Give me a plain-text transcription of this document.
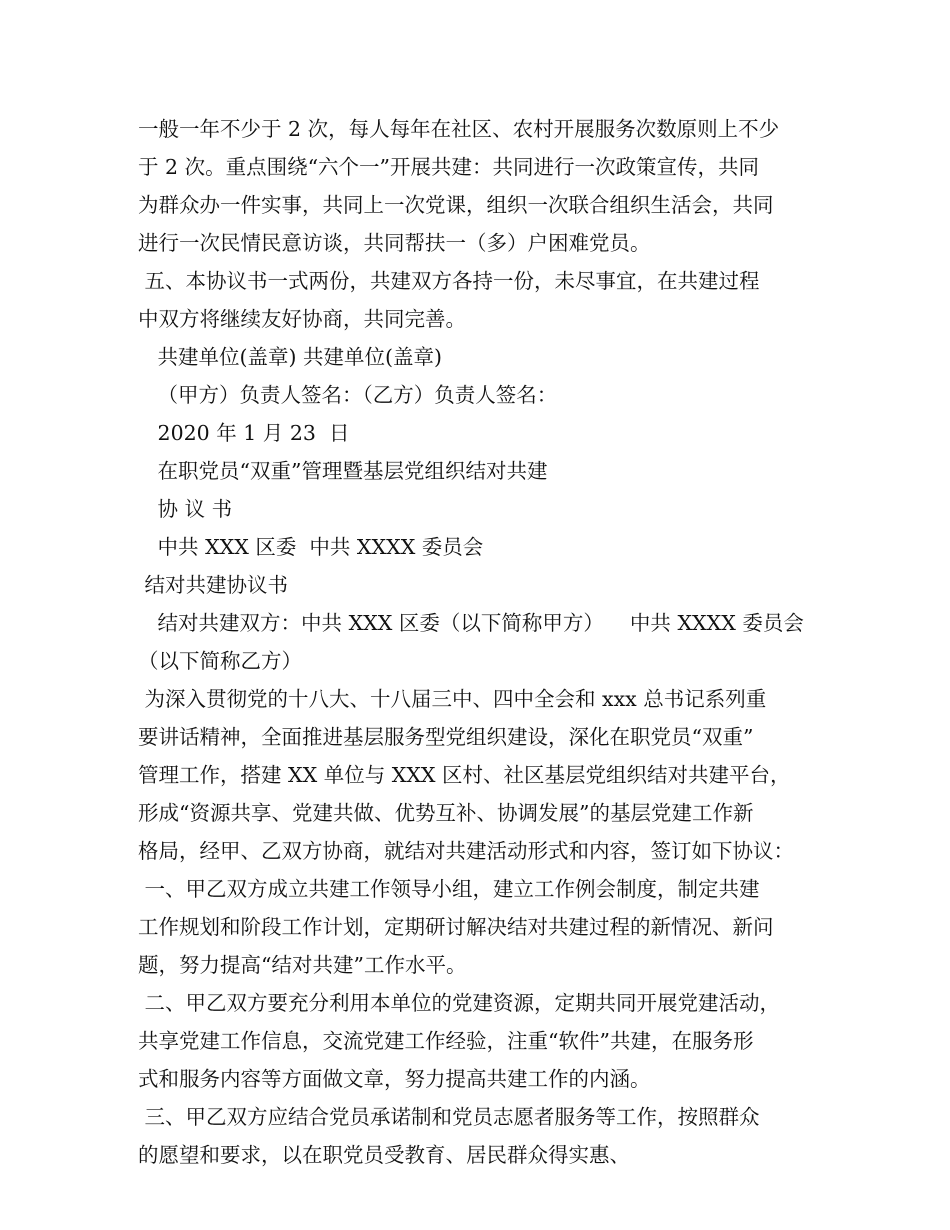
一般一年不少于 2 次，每人每年在社区、农村开展服务次数原则上不少
于 2 次。重点围绕“六个一”开展共建：共同进行一次政策宣传，共同
为群众办一件实事，共同上一次党课，组织一次联合组织生活会，共同
进行一次民情民意访谈，共同帮扶一（多）户困难党员。
五、本协议书一式两份，共建双方各持一份，未尽事宜，在共建过程
中双方将继续友好协商，共同完善。
共建单位(盖章) 共建单位(盖章)
（甲方）负责人签名：（乙方）负责人签名：
2020 年 1 月 23  日
在职党员“双重”管理暨基层党组织结对共建
协 议 书
中共 XXX 区委  中共 XXXX 委员会
结对共建协议书
结对共建双方：中共 XXX 区委（以下简称甲方）    中共 XXXX 委员会
（以下简称乙方）
为深入贯彻党的十八大、十八届三中、四中全会和 xxx 总书记系列重
要讲话精神，全面推进基层服务型党组织建设，深化在职党员“双重”
管理工作，搭建 XX 单位与 XXX 区村、社区基层党组织结对共建平台，
形成“资源共享、党建共做、优势互补、协调发展”的基层党建工作新
格局，经甲、乙双方协商，就结对共建活动形式和内容，签订如下协议：
一、甲乙双方成立共建工作领导小组，建立工作例会制度，制定共建
工作规划和阶段工作计划，定期研讨解决结对共建过程的新情况、新问
题，努力提高“结对共建”工作水平。
二、甲乙双方要充分利用本单位的党建资源，定期共同开展党建活动，
共享党建工作信息，交流党建工作经验，注重“软件”共建，在服务形
式和服务内容等方面做文章，努力提高共建工作的内涵。
三、甲乙双方应结合党员承诺制和党员志愿者服务等工作，按照群众
的愿望和要求，以在职党员受教育、居民群众得实惠、
